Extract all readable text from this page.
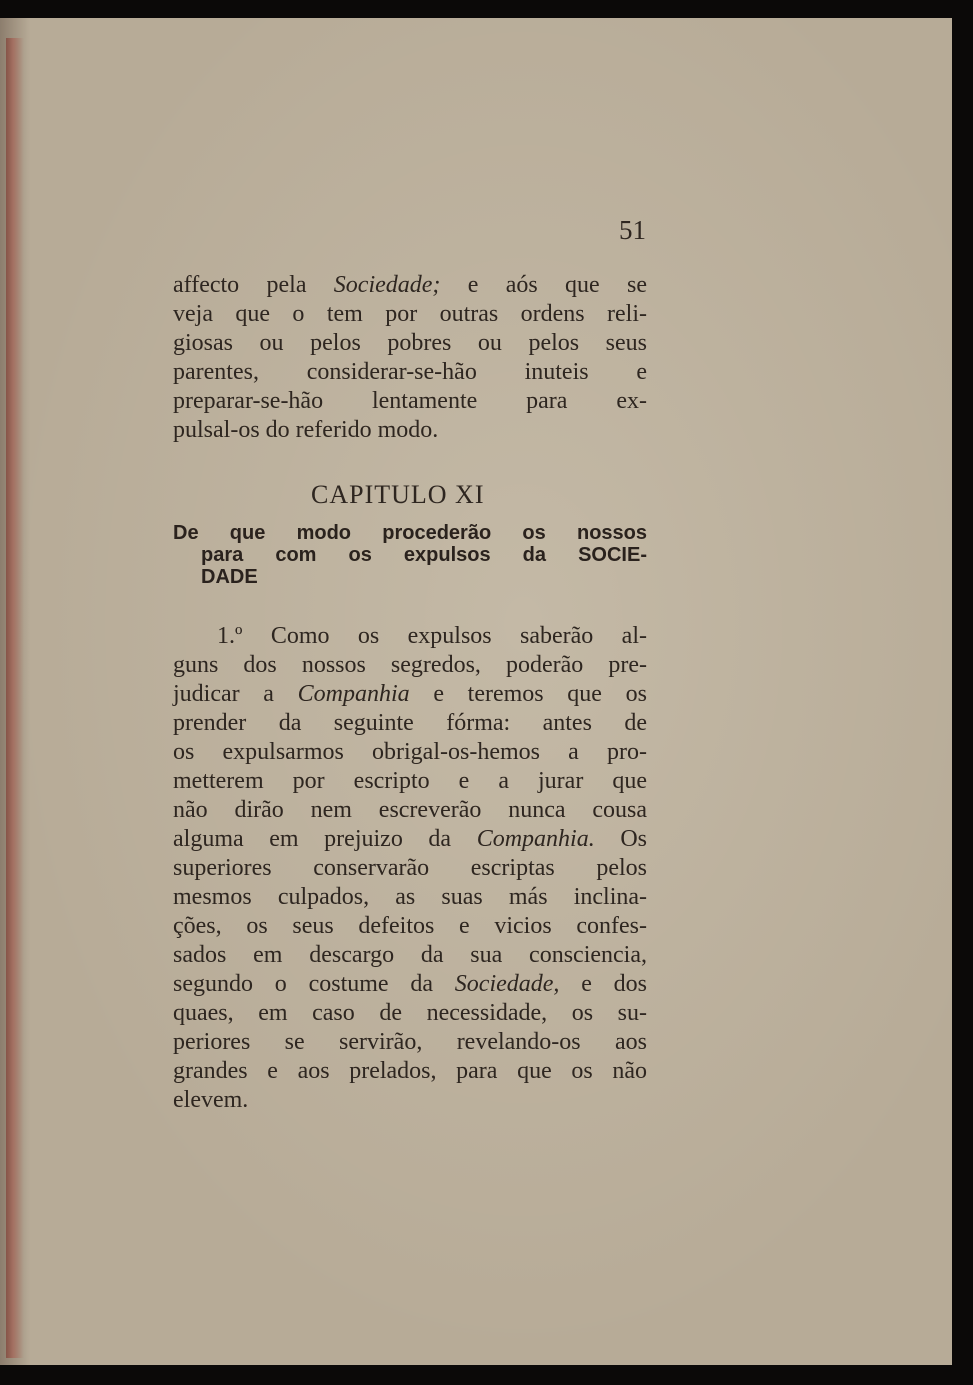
51

affecto pela Sociedade; e aós que se

veja que o tem por outras ordens reli-

giosas ou pelos pobres ou pelos seus

parentes, considerar-se-hão inuteis e

preparar-se-hão lentamente para ex-

pulsal-os do referido modo.

CAPITULO XI

De que modo procederão os nossos

para com os expulsos da SOCIE-

DADE

1.º Como os expulsos saberão al-

guns dos nossos segredos, poderão pre-

judicar a Companhia e teremos que os

prender da seguinte fórma: antes de

os expulsarmos obrigal-os-hemos a pro-

metterem por escripto e a jurar que

não dirão nem escreverão nunca cousa

alguma em prejuizo da Companhia. Os

superiores conservarão escriptas pelos

mesmos culpados, as suas más inclina-

ções, os seus defeitos e vicios confes-

sados em descargo da sua consciencia,

segundo o costume da Sociedade, e dos

quaes, em caso de necessidade, os su-

periores se servirão, revelando-os aos

grandes e aos prelados, para que os não

elevem.
